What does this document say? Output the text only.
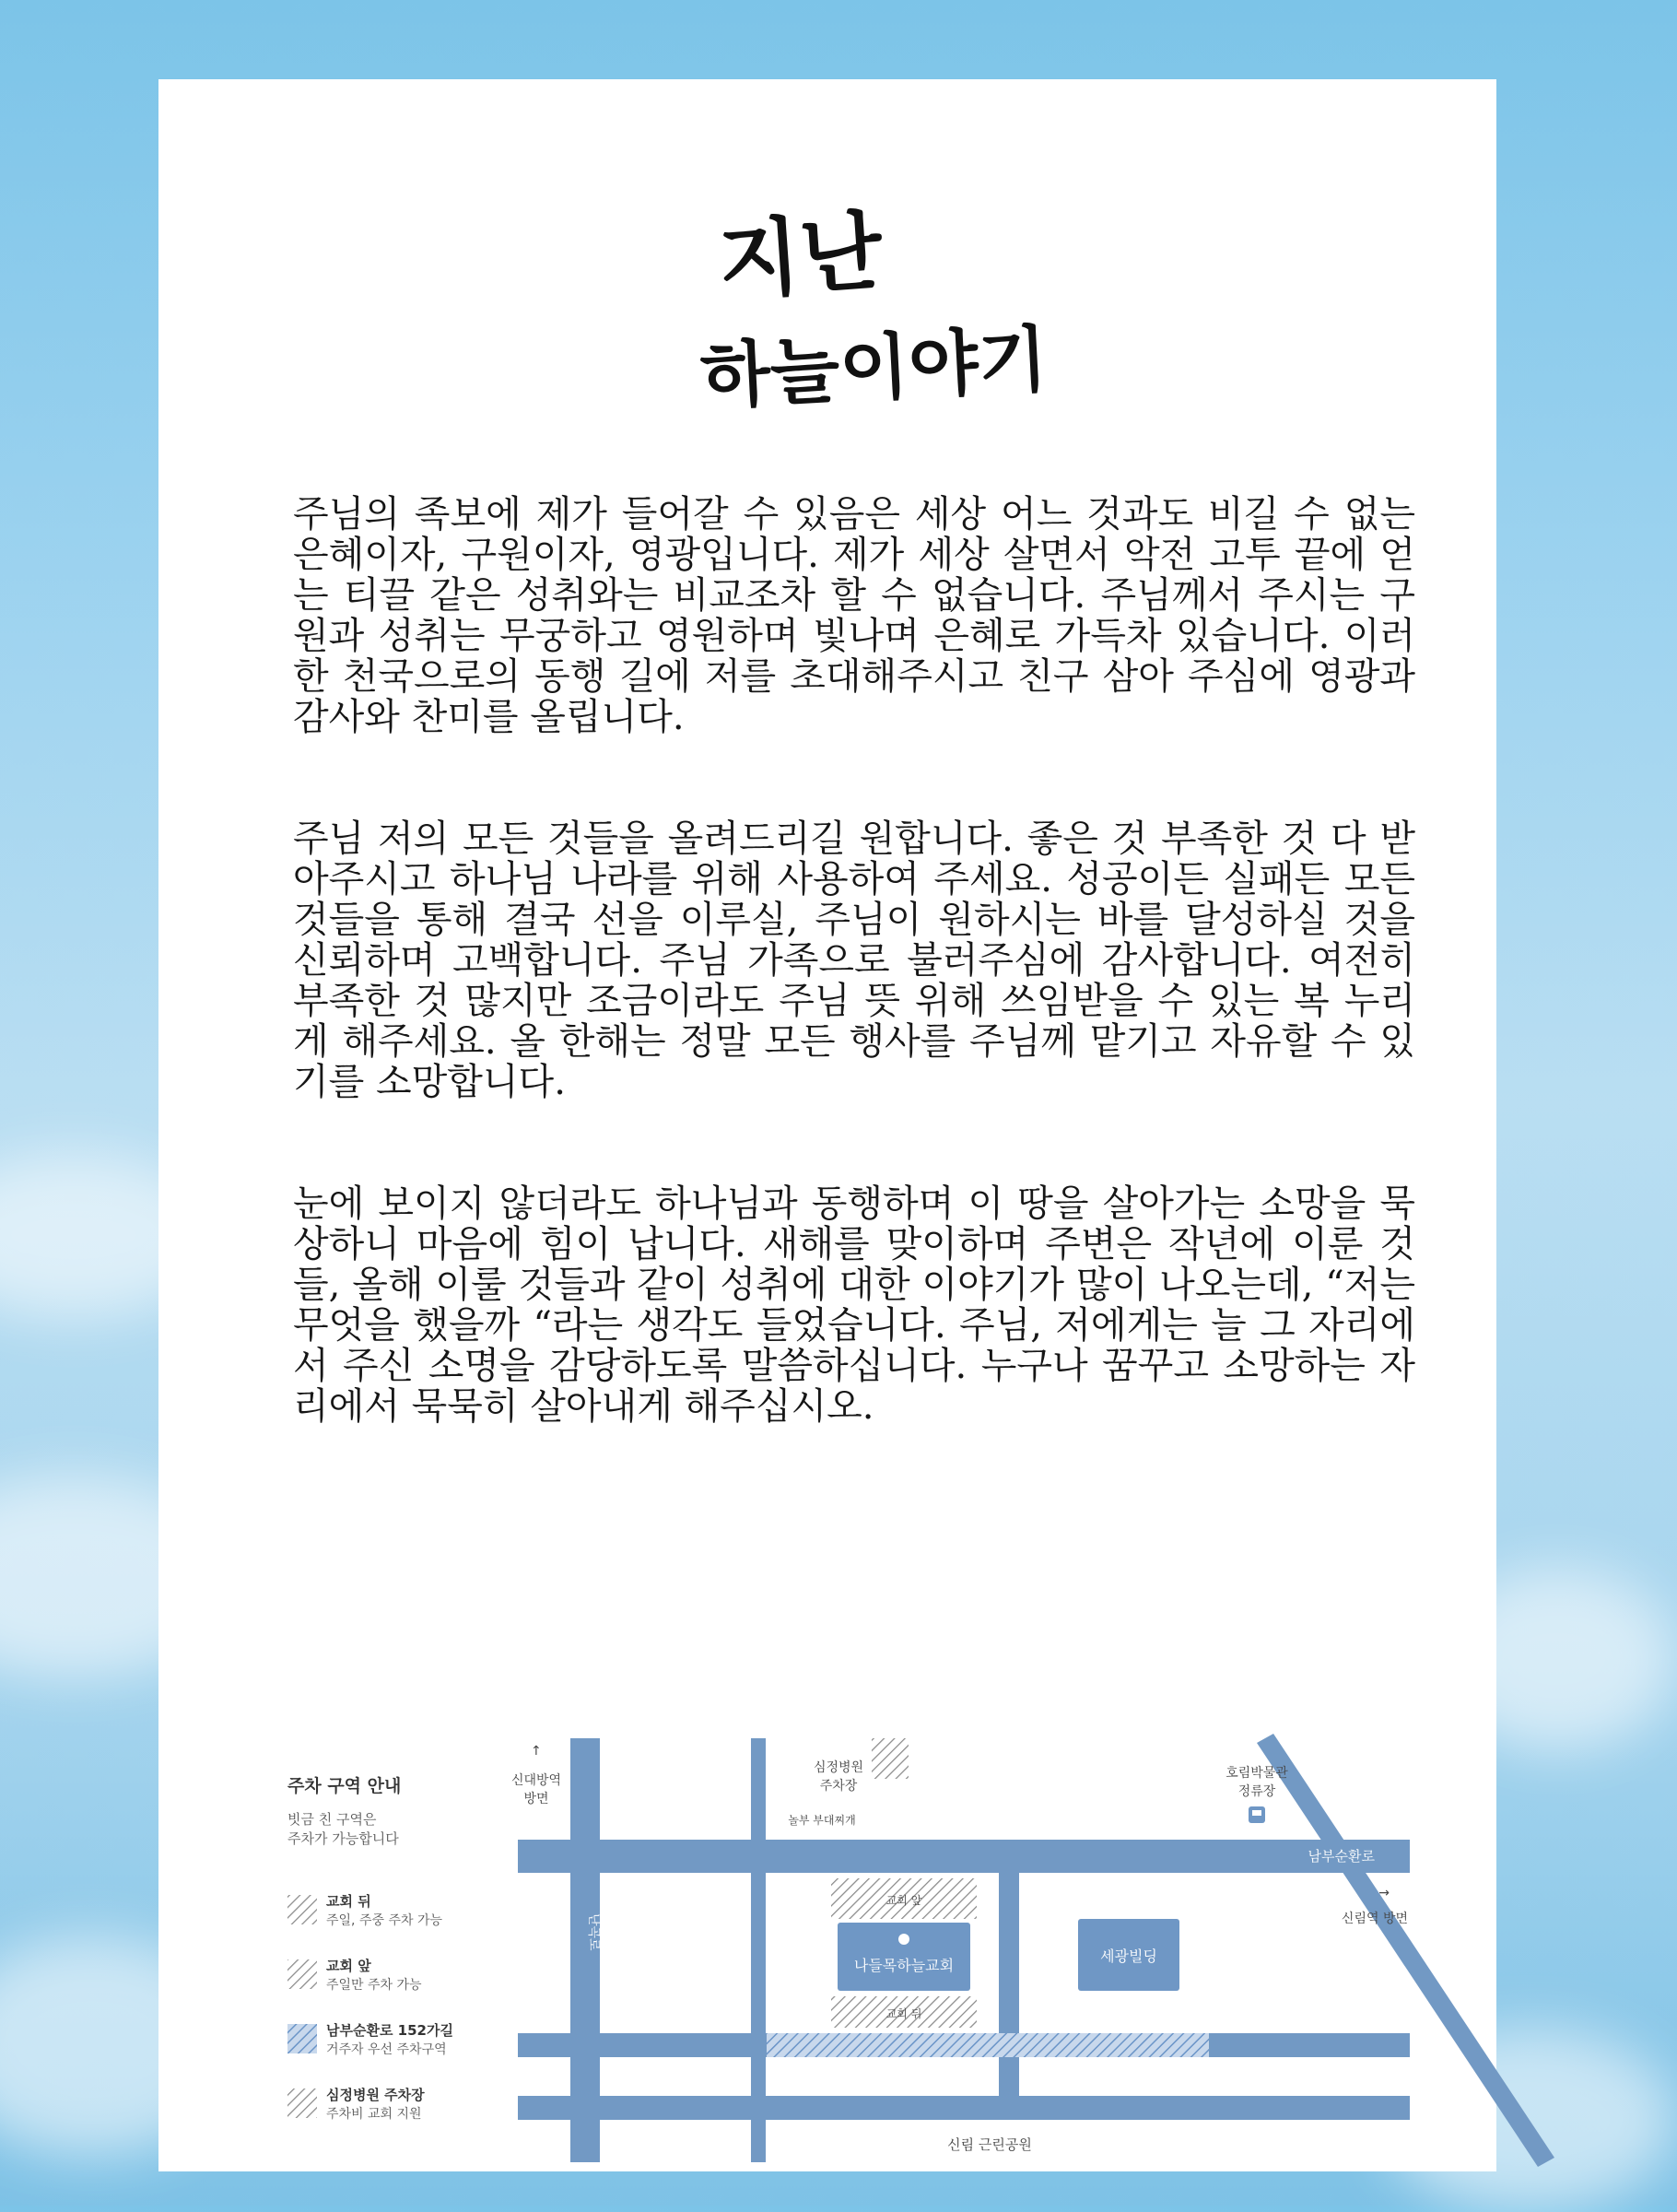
지난
하늘이야기

주님의 족보에 제가 들어갈 수 있음은 세상 어느 것과도 비길 수 없는 은혜이자, 구원이자, 영광입니다. 제가 세상 살면서 악전 고투 끝에 얻는 티끌 같은 성취와는 비교조차 할 수 없습니다. 주님께서 주시는 구원과 성취는 무궁하고 영원하며 빛나며 은혜로 가득차 있습니다. 이러한 천국으로의 동행 길에 저를 초대해주시고 친구 삼아 주심에 영광과 감사와 찬미를 올립니다.

주님 저의 모든 것들을 올려드리길 원합니다. 좋은 것 부족한 것 다 받아주시고 하나님 나라를 위해 사용하여 주세요. 성공이든 실패든 모든 것들을 통해 결국 선을 이루실, 주님이 원하시는 바를 달성하실 것을 신뢰하며 고백합니다. 주님 가족으로 불러주심에 감사합니다. 여전히 부족한 것 많지만 조금이라도 주님 뜻 위해 쓰임받을 수 있는 복 누리게 해주세요. 올 한해는 정말 모든 행사를 주님께 맡기고 자유할 수 있기를 소망합니다.

눈에 보이지 않더라도 하나님과 동행하며 이 땅을 살아가는 소망을 묵상하니 마음에 힘이 납니다. 새해를 맞이하며 주변은 작년에 이룬 것들, 올해 이룰 것들과 같이 성취에 대한 이야기가 많이 나오는데, “저는 무엇을 했을까 “라는 생각도 들었습니다. 주님, 저에게는 늘 그 자리에서 주신 소명을 감당하도록 말씀하십니다. 누구나 꿈꾸고 소망하는 자리에서 묵묵히 살아내게 해주십시오.

주차 구역 안내
빗금 친 구역은
주차가 가능합니다
교회 뒤
주일, 주중 주차 가능
교회 앞
주일만 주차 가능
남부순환로 152가길
거주자 우선 주차구역
심정병원 주차장
주차비 교회 지원
나들목하늘교회
세광빌딩
↑
신대방역
방면
심정병원
주차장
놀부 부대찌개
호림박물관
정류장
남부순환로
→
신림역 방면
난곡로
교회 앞
교회 뒤
신림 근린공원
